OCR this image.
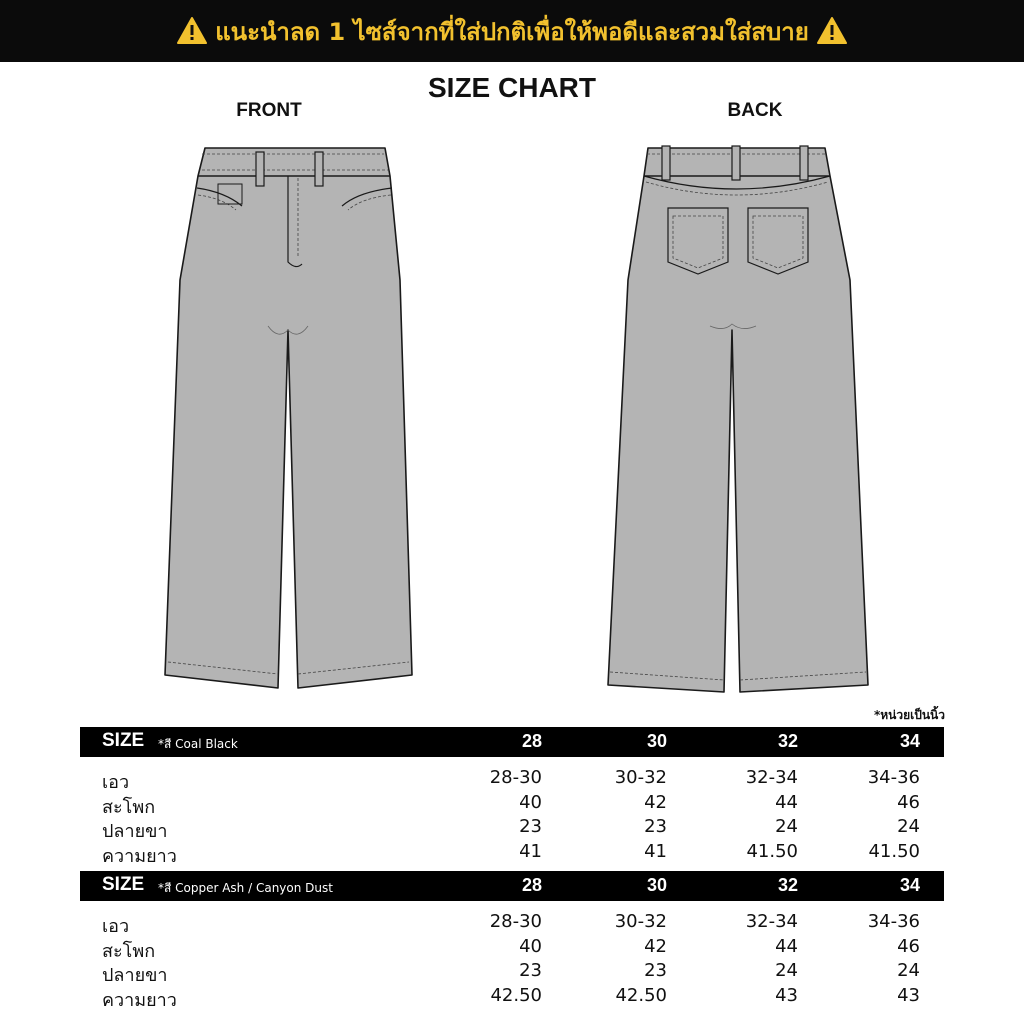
แนะนำลด 1 ไซส์จากที่ใส่ปกติเพื่อให้พอดีและสวมใส่สบาย
SIZE CHART
FRONT	BACK
*หน่วยเป็นนิ้ว
SIZE *สี Coal Black	28	30	32	34
เอว	28-30	30-32	32-34	34-36
สะโพก	40	42	44	46
ปลายขา	23	23	24	24
ความยาว	41	41	41.50	41.50
SIZE *สี Copper Ash / Canyon Dust	28	30	32	34
เอว	28-30	30-32	32-34	34-36
สะโพก	40	42	44	46
ปลายขา	23	23	24	24
ความยาว	42.50	42.50	43	43
